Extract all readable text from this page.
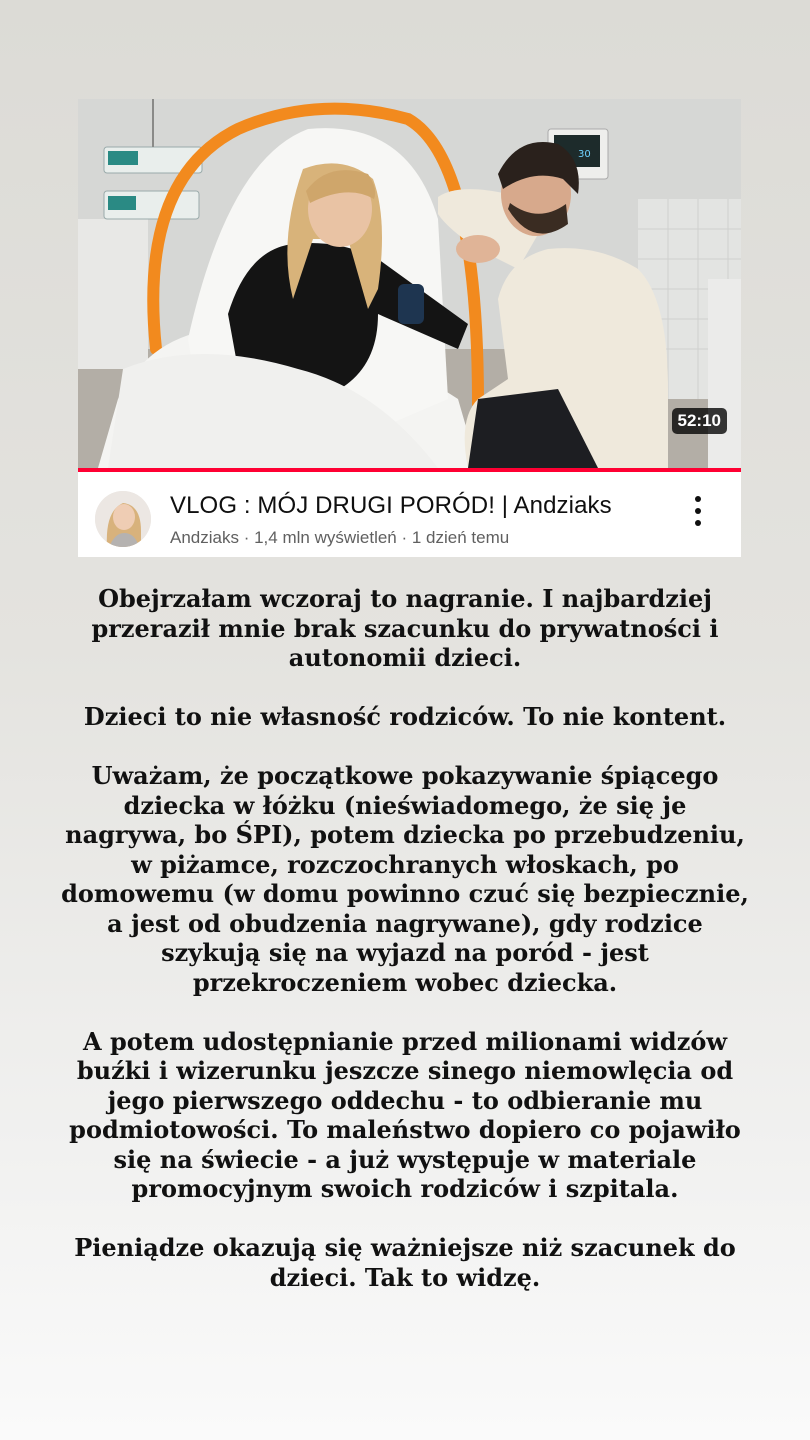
30
52:10
VLOG : MÓJ DRUGI PORÓD! | Andziaks
Andziaks · 1,4 mln wyświetleń · 1 dzień temu

Obejrzałam wczoraj to nagranie. I najbardziej przeraził mnie brak szacunku do prywatności i autonomii dzieci.

Dzieci to nie własność rodziców. To nie kontent.

Uważam, że początkowe pokazywanie śpiącego dziecka w łóżku (nieświadomego, że się je nagrywa, bo ŚPI), potem dziecka po przebudzeniu, w piżamce, rozczochranych włoskach, po domowemu (w domu powinno czuć się bezpiecznie, a jest od obudzenia nagrywane), gdy rodzice szykują się na wyjazd na poród - jest przekroczeniem wobec dziecka.

A potem udostępnianie przed milionami widzów buźki i wizerunku jeszcze sinego niemowlęcia od jego pierwszego oddechu - to odbieranie mu podmiotowości. To maleństwo dopiero co pojawiło się na świecie - a już występuje w materiale promocyjnym swoich rodziców i szpitala.

Pieniądze okazują się ważniejsze niż szacunek do dzieci. Tak to widzę.
